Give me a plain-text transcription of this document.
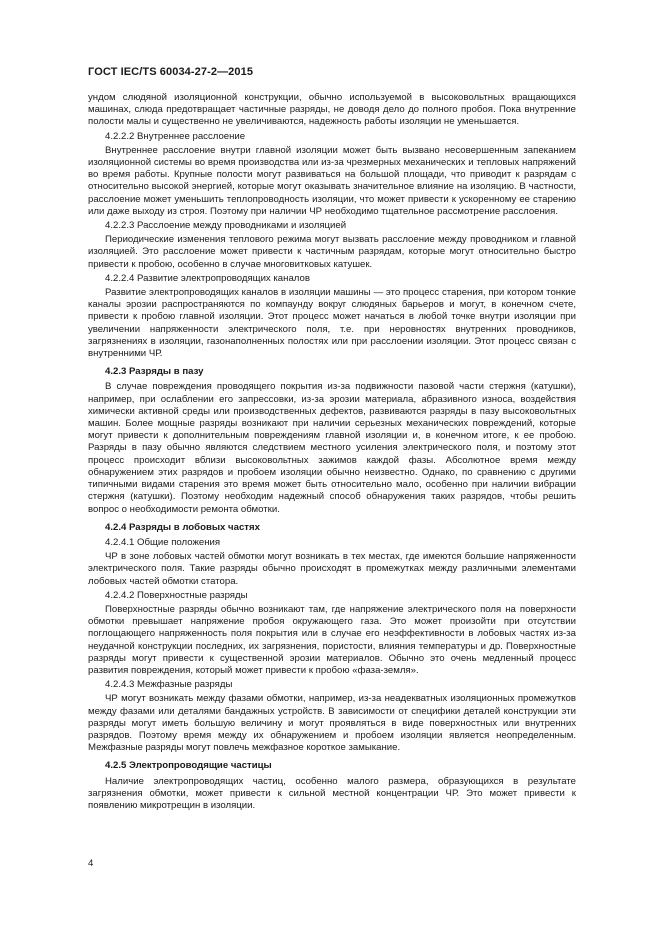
ГОСТ IEC/TS 60034-27-2—2015

ундом слюдяной изоляционной конструкции, обычно используемой в высоковольтных вращающихся машинах, слюда предотвращает частичные разряды, не доводя дело до полного пробоя. Пока внутренние полости малы и существенно не увеличиваются, надежность работы изоляции не уменьшается.

4.2.2.2 Внутреннее расслоение

Внутреннее расслоение внутри главной изоляции может быть вызвано несовершенным запеканием изоляционной системы во время производства или из-за чрезмерных механических и тепловых напряжений во время работы. Крупные полости могут развиваться на большой площади, что приводит к разрядам с относительно высокой энергией, которые могут оказывать значительное влияние на изоляцию. В частности, расслоение может уменьшить теплопроводность изоляции, что может привести к ускоренному ее старению или даже выходу из строя. Поэтому при наличии ЧР необходимо тщательное рассмотрение расслоения.

4.2.2.3 Расслоение между проводниками и изоляцией

Периодические изменения теплового режима могут вызвать расслоение между проводником и главной изоляцией. Это расслоение может привести к частичным разрядам, которые могут относительно быстро привести к пробою, особенно в случае многовитковых катушек.

4.2.2.4 Развитие электропроводящих каналов

Развитие электропроводящих каналов в изоляции машины — это процесс старения, при котором тонкие каналы эрозии распространяются по компаунду вокруг слюдяных барьеров и могут, в конечном счете, привести к пробою главной изоляции. Этот процесс может начаться в любой точке внутри изоляции при увеличении напряженности электрического поля, т.е. при неровностях внутренних проводников, загрязнениях в изоляции, газонаполненных полостях или при расслоении изоляции. Этот процесс связан с внутренними ЧР.

4.2.3 Разряды в пазу

В случае повреждения проводящего покрытия из-за подвижности пазовой части стержня (катушки), например, при ослаблении его запрессовки, из-за эрозии материала, абразивного износа, воздействия химически активной среды или производственных дефектов, развиваются разряды в пазу высоковольтных машин. Более мощные разряды возникают при наличии серьезных механических повреждений, которые могут привести к дополнительным повреждениям главной изоляции и, в конечном итоге, к ее пробою. Разряды в пазу обычно являются следствием местного усиления электрического поля, и поэтому этот процесс происходит вблизи высоковольтных зажимов каждой фазы. Абсолютное время между обнаружением этих разрядов и пробоем изоляции обычно неизвестно. Однако, по сравнению с другими типичными видами старения это время может быть относительно мало, особенно при наличии вибрации стержня (катушки). Поэтому необходим надежный способ обнаружения таких разрядов, чтобы решить вопрос о необходимости ремонта обмотки.

4.2.4 Разряды в лобовых частях

4.2.4.1 Общие положения

ЧР в зоне лобовых частей обмотки могут возникать в тех местах, где имеются большие напряженности электрического поля. Такие разряды обычно происходят в промежутках между различными элементами лобовых частей обмотки статора.

4.2.4.2 Поверхностные разряды

Поверхностные разряды обычно возникают там, где напряжение электрического поля на поверхности обмотки превышает напряжение пробоя окружающего газа. Это может произойти при отсутствии поглощающего напряженность поля покрытия или в случае его неэффективности в лобовых частях из-за неудачной конструкции последних, их загрязнения, пористости, влияния температуры и др. Поверхностные разряды могут привести к существенной эрозии материалов. Обычно это очень медленный процесс развития повреждения, который может привести к пробою «фаза-земля».

4.2.4.3 Межфазные разряды

ЧР могут возникать между фазами обмотки, например, из-за неадекватных изоляционных промежутков между фазами или деталями бандажных устройств. В зависимости от специфики деталей конструкции эти разряды могут иметь большую величину и могут проявляться в виде поверхностных или внутренних разрядов. Поэтому время между их обнаружением и пробоем изоляции является неопределенным. Межфазные разряды могут повлечь межфазное короткое замыкание.

4.2.5 Электропроводящие частицы

Наличие электропроводящих частиц, особенно малого размера, образующихся в результате загрязнения обмотки, может привести к сильной местной концентрации ЧР. Это может привести к появлению микротрещин в изоляции.

4
